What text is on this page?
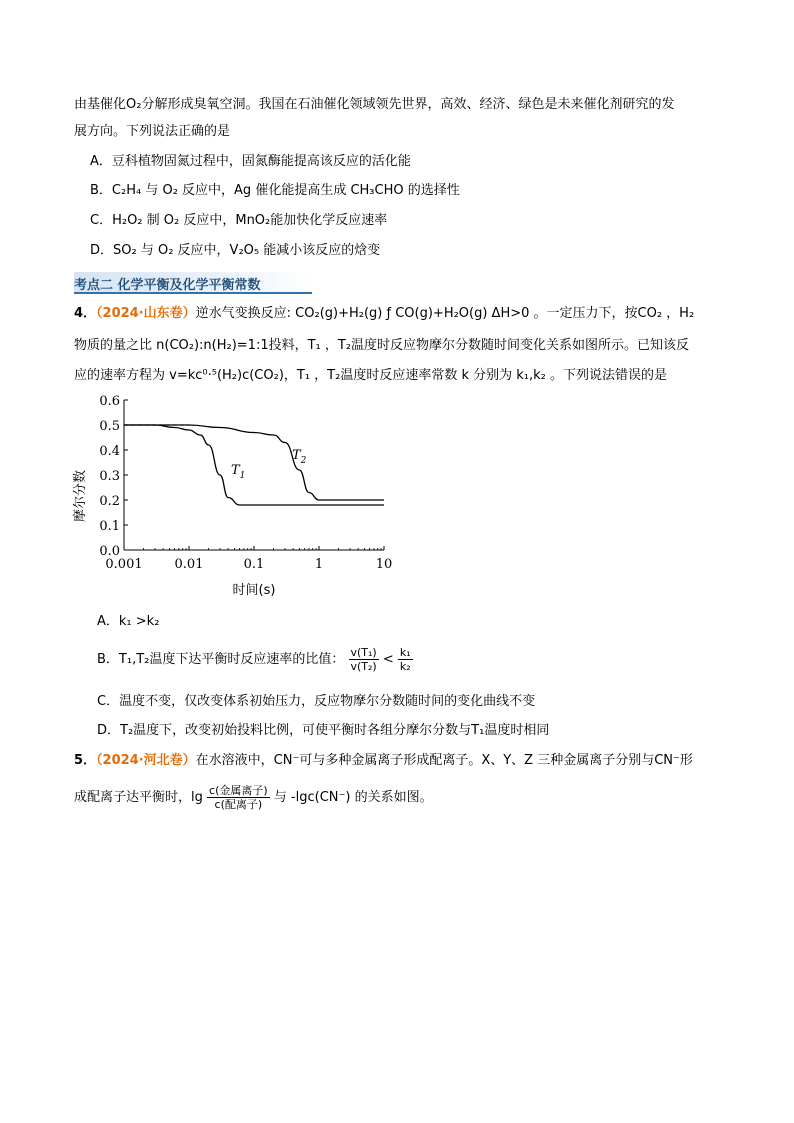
由基催化O₂分解形成臭氧空洞。我国在石油催化领域领先世界，高效、经济、绿色是未来催化剂研究的发
展方向。下列说法正确的是
A．豆科植物固氮过程中，固氮酶能提高该反应的活化能
B．C₂H₄ 与 O₂ 反应中，Ag 催化能提高生成 CH₃CHO 的选择性
C．H₂O₂ 制 O₂ 反应中，MnO₂能加快化学反应速率
D．SO₂ 与 O₂ 反应中，V₂O₅ 能减小该反应的焓变
考点二 化学平衡及化学平衡常数
4．（2024·山东卷）逆水气变换反应: CO₂(g)+H₂(g) ƒ CO(g)+H₂O(g) ΔH>0 。一定压力下，按CO₂ ，H₂
物质的量之比 n(CO₂):n(H₂)=1:1投料，T₁ ，T₂温度时反应物摩尔分数随时间变化关系如图所示。已知该反
应的速率方程为 v=kc⁰·⁵(H₂)c(CO₂)，T₁ ，T₂温度时反应速率常数 k 分别为 k₁,k₂ 。下列说法错误的是
0.0
0.1
0.2
0.3
0.4
0.5
0.6
0.001 0.01	0.1	1	10
时间(s)
摩尔分数	$T_1$
$T_2$
A．k₁ >k₂
B．T₁,T₂温度下达平衡时反应速率的比值： $\frac{\text{v(T₁)}}{\text{v(T₂)}} < \frac{\text{k₁}}{\text{k₂}}$
C．温度不变，仅改变体系初始压力，反应物摩尔分数随时间的变化曲线不变
D．T₂温度下，改变初始投料比例，可使平衡时各组分摩尔分数与T₁温度时相同
5．（2024·河北卷）在水溶液中，CN⁻可与多种金属离子形成配离子。X、Y、Z 三种金属离子分别与CN⁻形
成配离子达平衡时，$\lg \frac{\text{c(金属离子)}}{\text{c(配离子)}}$ 与 -lgc(CN⁻) 的关系如图。
